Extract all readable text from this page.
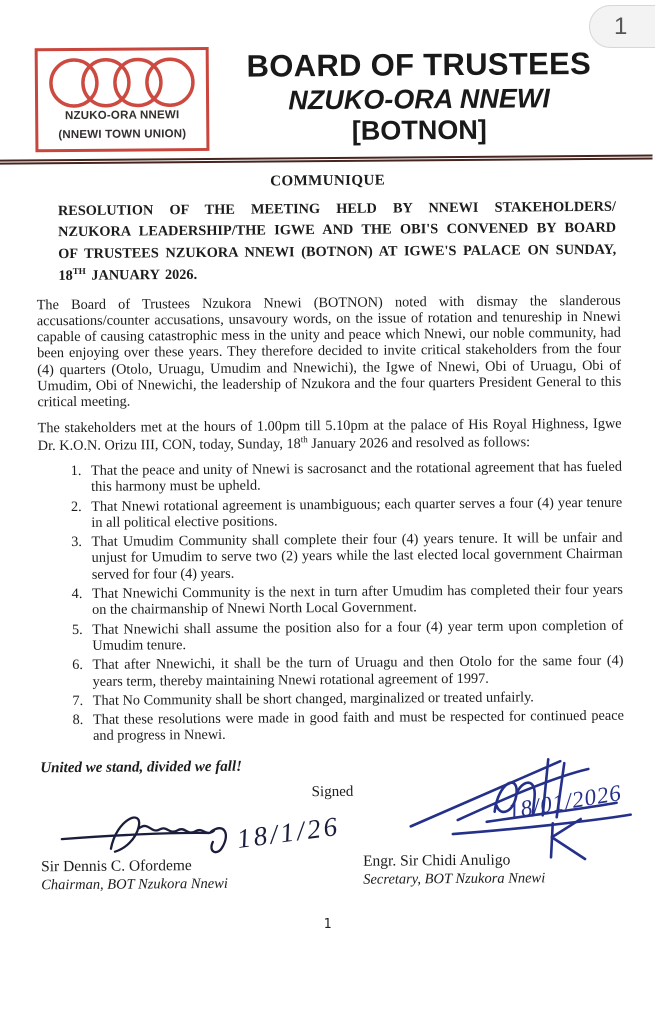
1
NZUKO-ORA NNEWI
(NNEWI TOWN UNION)
BOARD OF TRUSTEES
NZUKO-ORA NNEWI
[BOTNON]
COMMUNIQUE

RESOLUTION OF THE MEETING HELD BY NNEWI STAKEHOLDERS/ NZUKORA LEADERSHIP/THE IGWE AND THE OBI'S CONVENED BY BOARD OF TRUSTEES NZUKORA NNEWI (BOTNON) AT IGWE'S PALACE ON SUNDAY, 18TH JANUARY 2026.

The Board of Trustees Nzukora Nnewi (BOTNON) noted with dismay the slanderous accusations/counter accusations, unsavoury words, on the issue of rotation and tenureship in Nnewi capable of causing catastrophic mess in the unity and peace which Nnewi, our noble community, had been enjoying over these years. They therefore decided to invite critical stakeholders from the four (4) quarters (Otolo, Uruagu, Umudim and Nnewichi), the Igwe of Nnewi, Obi of Uruagu, Obi of Umudim, Obi of Nnewichi, the leadership of Nzukora and the four quarters President General to this critical meeting.

The stakeholders met at the hours of 1.00pm till 5.10pm at the palace of His Royal Highness, Igwe Dr. K.O.N. Orizu III, CON, today, Sunday, 18th January 2026 and resolved as follows:

1. That the peace and unity of Nnewi is sacrosanct and the rotational agreement that has fueled this harmony must be upheld.
2. That Nnewi rotational agreement is unambiguous; each quarter serves a four (4) year tenure in all political elective positions.
3. That Umudim Community shall complete their four (4) years tenure. It will be unfair and unjust for Umudim to serve two (2) years while the last elected local government Chairman served for four (4) years.
4. That Nnewichi Community is the next in turn after Umudim has completed their four years on the chairmanship of Nnewi North Local Government.
5. That Nnewichi shall assume the position also for a four (4) year term upon completion of Umudim tenure.
6. That after Nnewichi, it shall be the turn of Uruagu and then Otolo for the same four (4) years term, thereby maintaining Nnewi rotational agreement of 1997.
7. That No Community shall be short changed, marginalized or treated unfairly.
8. That these resolutions were made in good faith and must be respected for continued peace and progress in Nnewi.

United we stand, divided we fall!

Signed
18/1/26
Sir Dennis C. Ofordeme
Chairman, BOT Nzukora Nnewi
18/01/2026
Engr. Sir Chidi Anuligo
Secretary, BOT Nzukora Nnewi
1
